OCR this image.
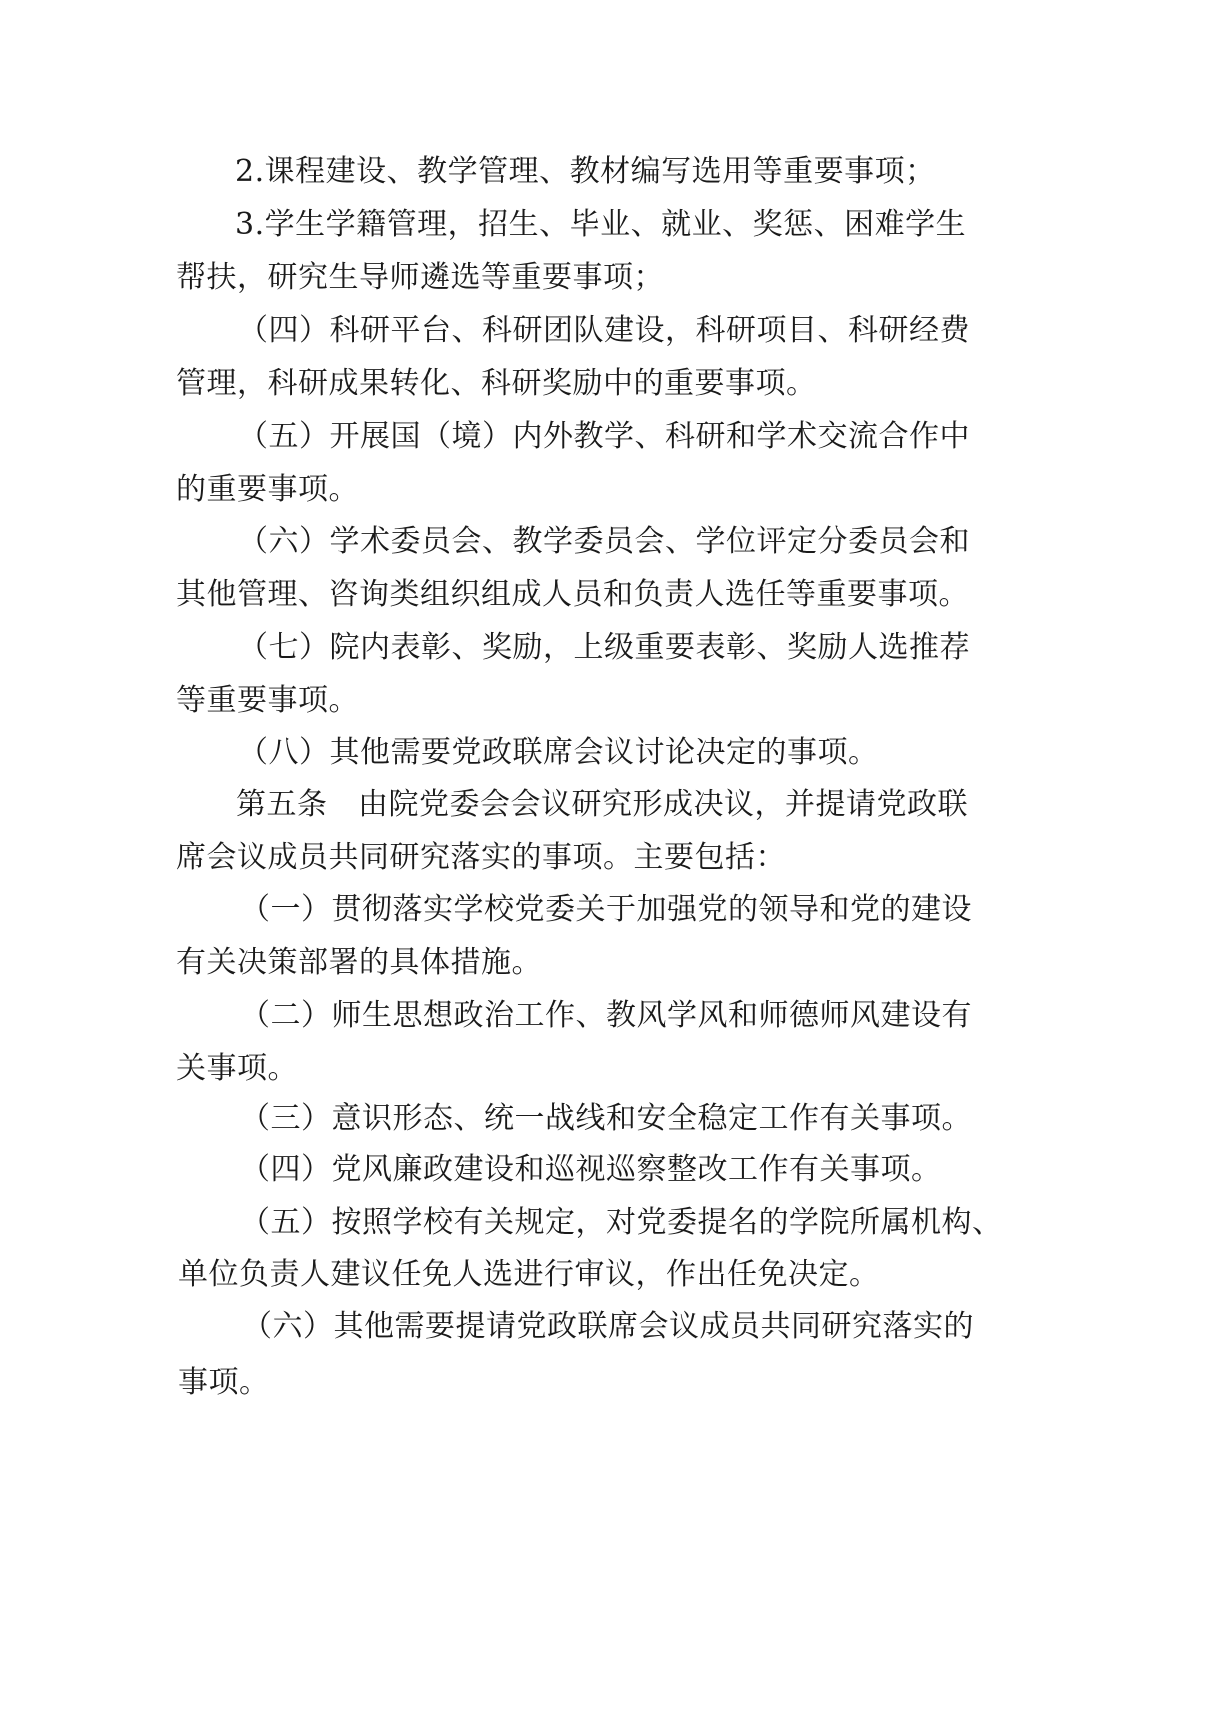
2.课程建设、教学管理、教材编写选用等重要事项；
3.学生学籍管理，招生、毕业、就业、奖惩、困难学生
帮扶，研究生导师遴选等重要事项；
（四）科研平台、科研团队建设，科研项目、科研经费
管理，科研成果转化、科研奖励中的重要事项。
（五）开展国（境）内外教学、科研和学术交流合作中
的重要事项。
（六）学术委员会、教学委员会、学位评定分委员会和
其他管理、咨询类组织组成人员和负责人选任等重要事项。
（七）院内表彰、奖励，上级重要表彰、奖励人选推荐
等重要事项。
（八）其他需要党政联席会议讨论决定的事项。
第五条　由院党委会会议研究形成决议，并提请党政联
席会议成员共同研究落实的事项。主要包括：
（一）贯彻落实学校党委关于加强党的领导和党的建设
有关决策部署的具体措施。
（二）师生思想政治工作、教风学风和师德师风建设有
关事项。
（三）意识形态、统一战线和安全稳定工作有关事项。
（四）党风廉政建设和巡视巡察整改工作有关事项。
（五）按照学校有关规定，对党委提名的学院所属机构、
单位负责人建议任免人选进行审议，作出任免决定。
（六）其他需要提请党政联席会议成员共同研究落实的
事项。
